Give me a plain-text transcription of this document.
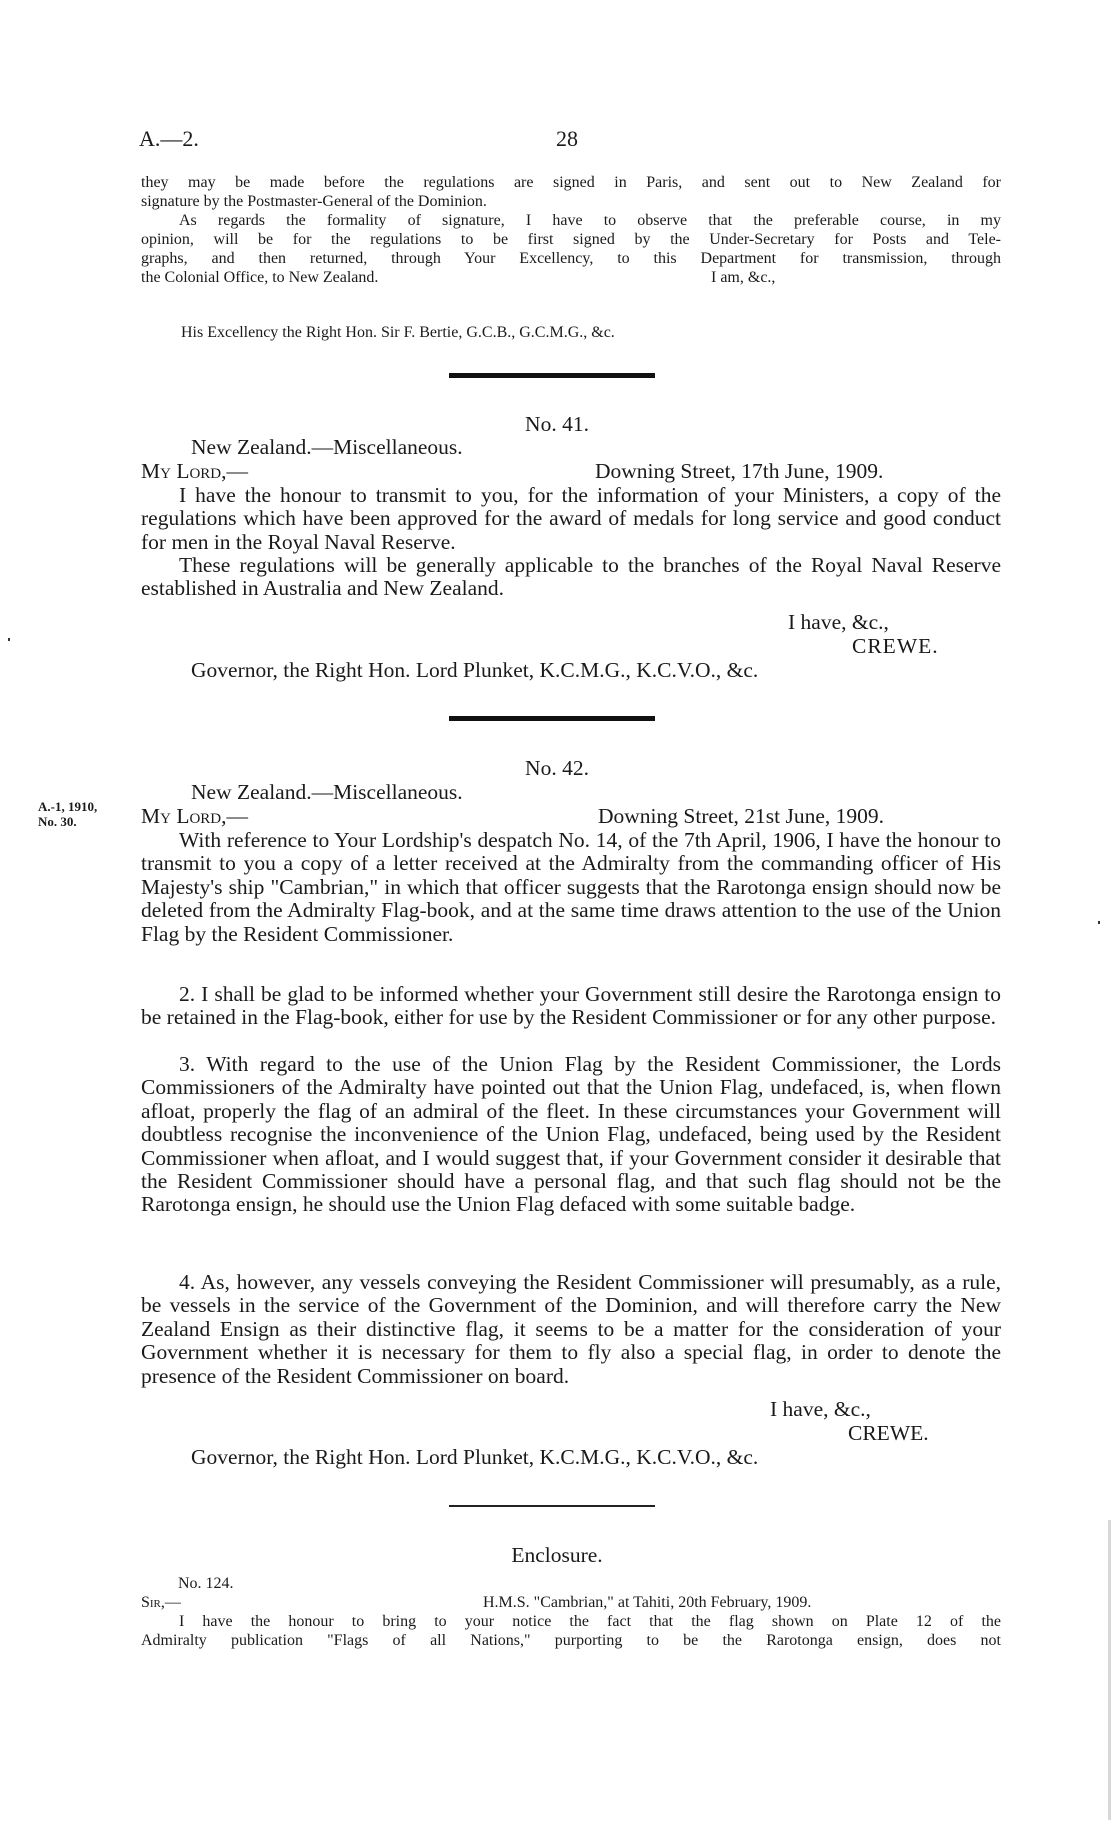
A.—2.	28
they may be made before the regulations are signed in Paris, and sent out to New Zealand for
signature by the Postmaster-General of the Dominion.
As regards the formality of signature, I have to observe that the preferable course, in my
opinion, will be for the regulations to be first signed by the Under-Secretary for Posts and Tele-
graphs, and then returned, through Your Excellency, to this Department for transmission, through
the Colonial Office, to New Zealand.	I am, &c.,
His Excellency the Right Hon. Sir F. Bertie, G.C.B., G.C.M.G., &c.
No. 41.
New Zealand.—Miscellaneous.
My Lord,—	Downing Street, 17th June, 1909.
I have the honour to transmit to you, for the information of your Ministers, a copy of the regulations which have been approved for the award of medals for long service and good conduct for men in the Royal Naval Reserve.
These regulations will be generally applicable to the branches of the Royal Naval Reserve established in Australia and New Zealand.
I have, &c.,
CREWE.
Governor, the Right Hon. Lord Plunket, K.C.M.G., K.C.V.O., &c.
No. 42.
A.-1, 1910,
No. 30.
New Zealand.—Miscellaneous.
My Lord,—	Downing Street, 21st June, 1909.
With reference to Your Lordship's despatch No. 14, of the 7th April, 1906, I have the honour to transmit to you a copy of a letter received at the Admiralty from the commanding officer of His Majesty's ship "Cambrian," in which that officer suggests that the Rarotonga ensign should now be deleted from the Admiralty Flag-book, and at the same time draws attention to the use of the Union Flag by the Resident Commissioner.
2. I shall be glad to be informed whether your Government still desire the Rarotonga ensign to be retained in the Flag-book, either for use by the Resident Commissioner or for any other purpose.
3. With regard to the use of the Union Flag by the Resident Commissioner, the Lords Commissioners of the Admiralty have pointed out that the Union Flag, undefaced, is, when flown afloat, properly the flag of an admiral of the fleet. In these circumstances your Government will doubtless recognise the inconvenience of the Union Flag, undefaced, being used by the Resident Commissioner when afloat, and I would suggest that, if your Government consider it desirable that the Resident Commissioner should have a personal flag, and that such flag should not be the Rarotonga ensign, he should use the Union Flag defaced with some suitable badge.
4. As, however, any vessels conveying the Resident Commissioner will presumably, as a rule, be vessels in the service of the Government of the Dominion, and will therefore carry the New Zealand Ensign as their distinctive flag, it seems to be a matter for the consideration of your Government whether it is necessary for them to fly also a special flag, in order to denote the presence of the Resident Commissioner on board.
I have, &c.,
CREWE.
Governor, the Right Hon. Lord Plunket, K.C.M.G., K.C.V.O., &c.
Enclosure.
No. 124.
Sir,—	H.M.S. "Cambrian," at Tahiti, 20th February, 1909.
I have the honour to bring to your notice the fact that the flag shown on Plate 12 of the
Admiralty publication "Flags of all Nations," purporting to be the Rarotonga ensign, does not
